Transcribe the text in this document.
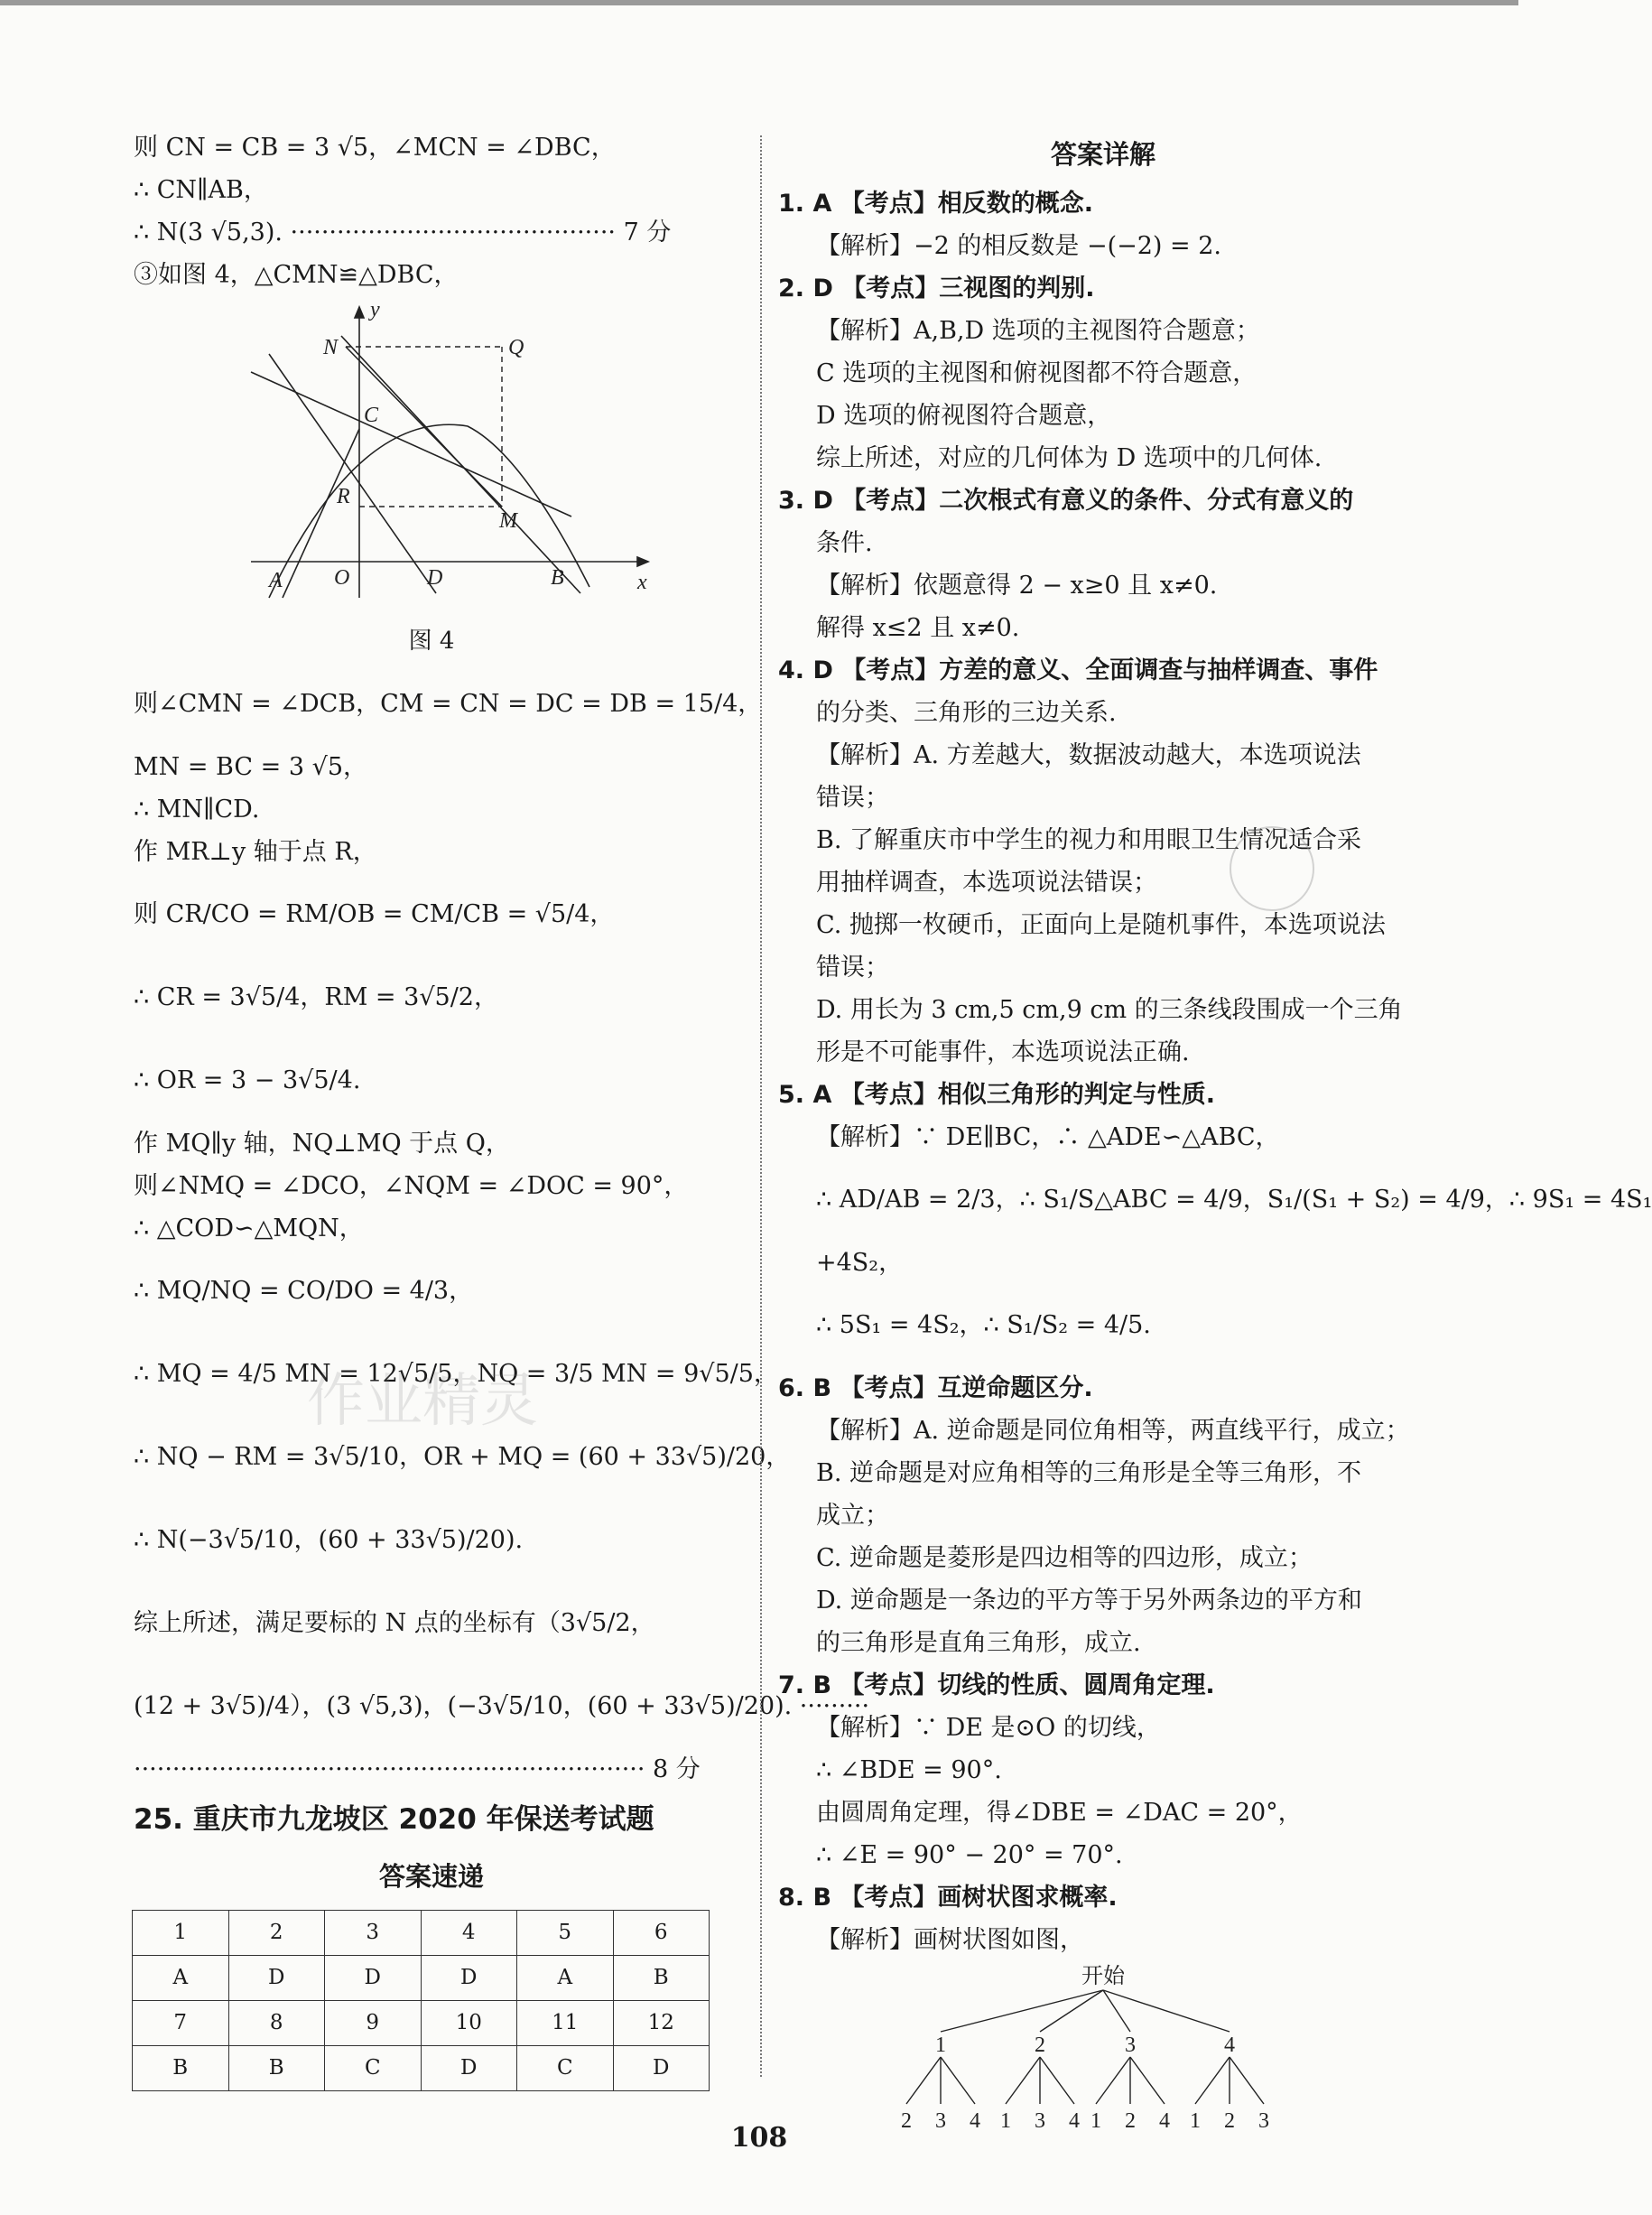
则 CN = CB = 3 √5，∠MCN = ∠DBC，
∴ CN∥AB，
∴ N(3 √5,3). ·········································· 7 分
③如图 4，△CMN≌△DBC，
y
N	Q
C
R
M
A O	D	B	x
图 4
则∠CMN = ∠DCB，CM = CN = DC = DB = 15/4，
MN = BC = 3 √5，
∴ MN∥CD.
作 MR⊥y 轴于点 R，
则 CR/CO = RM/OB = CM/CB = √5/4，
∴ CR = 3√5/4，RM = 3√5/2，
∴ OR = 3 − 3√5/4.
作 MQ∥y 轴，NQ⊥MQ 于点 Q，
则∠NMQ = ∠DCO，∠NQM = ∠DOC = 90°，
∴ △COD∽△MQN，
∴ MQ/NQ = CO/DO = 4/3，
∴ MQ = 4/5 MN = 12√5/5，NQ = 3/5 MN = 9√5/5，
∴ NQ − RM = 3√5/10，OR + MQ = (60 + 33√5)/20，
∴ N(−3√5/10，(60 + 33√5)/20).
综上所述，满足要标的 N 点的坐标有（3√5/2，
(12 + 3√5)/4），(3 √5,3)，(−3√5/10，(60 + 33√5)/20). ·········
·································································· 8 分
25. 重庆市九龙坡区 2020 年保送考试题
答案速递
1	2	3	4	5	6
A	D	D	D	A	B
7	8	9	10	11	12
B	B	C	D	C	D
答案详解
1. A 【考点】相反数的概念.
【解析】−2 的相反数是 −(−2) = 2.
2. D 【考点】三视图的判别.
【解析】A,B,D 选项的主视图符合题意；
C 选项的主视图和俯视图都不符合题意，
D 选项的俯视图符合题意，
综上所述，对应的几何体为 D 选项中的几何体.
3. D 【考点】二次根式有意义的条件、分式有意义的
条件.
【解析】依题意得 2 − x≥0 且 x≠0.
解得 x≤2 且 x≠0.
4. D 【考点】方差的意义、全面调查与抽样调查、事件
的分类、三角形的三边关系.
【解析】A. 方差越大，数据波动越大，本选项说法
错误；
B. 了解重庆市中学生的视力和用眼卫生情况适合采
用抽样调查，本选项说法错误；
C. 抛掷一枚硬币，正面向上是随机事件，本选项说法
错误；
D. 用长为 3 cm,5 cm,9 cm 的三条线段围成一个三角
形是不可能事件，本选项说法正确.
5. A 【考点】相似三角形的判定与性质.
【解析】∵ DE∥BC，∴ △ADE∽△ABC，
∴ AD/AB = 2/3，∴ S₁/S△ABC = 4/9，S₁/(S₁ + S₂) = 4/9，∴ 9S₁ = 4S₁
+4S₂，
∴ 5S₁ = 4S₂，∴ S₁/S₂ = 4/5.
6. B 【考点】互逆命题区分.
【解析】A. 逆命题是同位角相等，两直线平行，成立；
B. 逆命题是对应角相等的三角形是全等三角形，不
成立；
C. 逆命题是菱形是四边相等的四边形，成立；
D. 逆命题是一条边的平方等于另外两条边的平方和
的三角形是直角三角形，成立.
7. B 【考点】切线的性质、圆周角定理.
【解析】∵ DE 是⊙O 的切线，
∴ ∠BDE = 90°.
由圆周角定理，得∠DBE = ∠DAC = 20°，
∴ ∠E = 90° − 20° = 70°.
8. B 【考点】画树状图求概率.
【解析】画树状图如图，
开始
1	2	3	4
2 3 4 1 3 4 1 2 4 1 2 3
作业精灵
108
